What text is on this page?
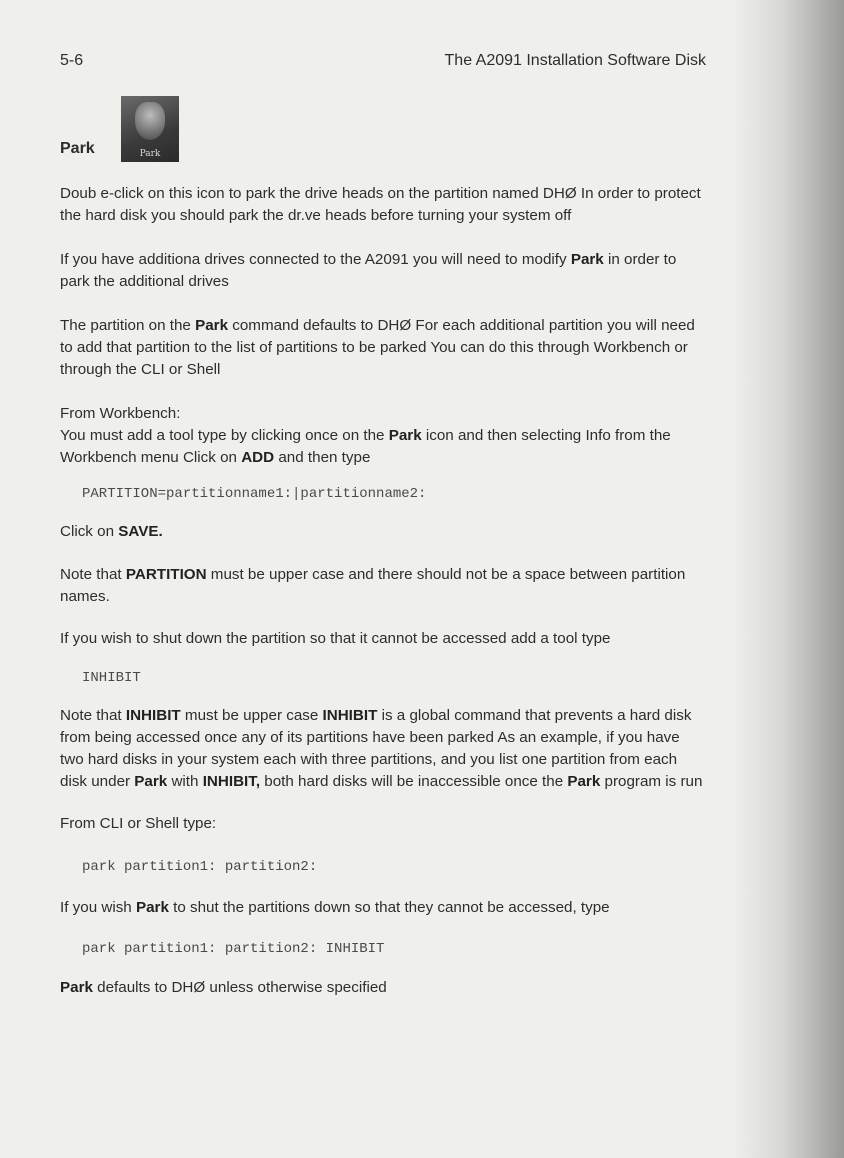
5-6	The A2091 Installation Software Disk
Park	Park

Doub e-click on this icon to park the drive heads on the partition named DHØ In order to protect the hard disk you should park the dr.ve heads before turning your system off

If you have additiona drives connected to the A2091 you will need to modify Park in order to park the additional drives

The partition on the Park command defaults to DHØ For each additional partition you will need to add that partition to the list of partitions to be parked You can do this through Workbench or through the CLI or Shell

From Workbench:

You must add a tool type by clicking once on the Park icon and then selecting Info from the Workbench menu Click on ADD and then type

PARTITION=partitionname1:|partitionname2:

Click on SAVE.

Note that PARTITION must be upper case and there should not be a space between partition names.

If you wish to shut down the partition so that it cannot be accessed add a tool type

INHIBIT

Note that INHIBIT must be upper case INHIBIT is a global command that prevents a hard disk from being accessed once any of its partitions have been parked As an example, if you have two hard disks in your system each with three partitions, and you list one partition from each disk under Park with INHIBIT, both hard disks will be inaccessible once the Park program is run

From CLI or Shell type:

park partition1: partition2:

If you wish Park to shut the partitions down so that they cannot be accessed, type

park partition1: partition2: INHIBIT

Park defaults to DHØ unless otherwise specified
